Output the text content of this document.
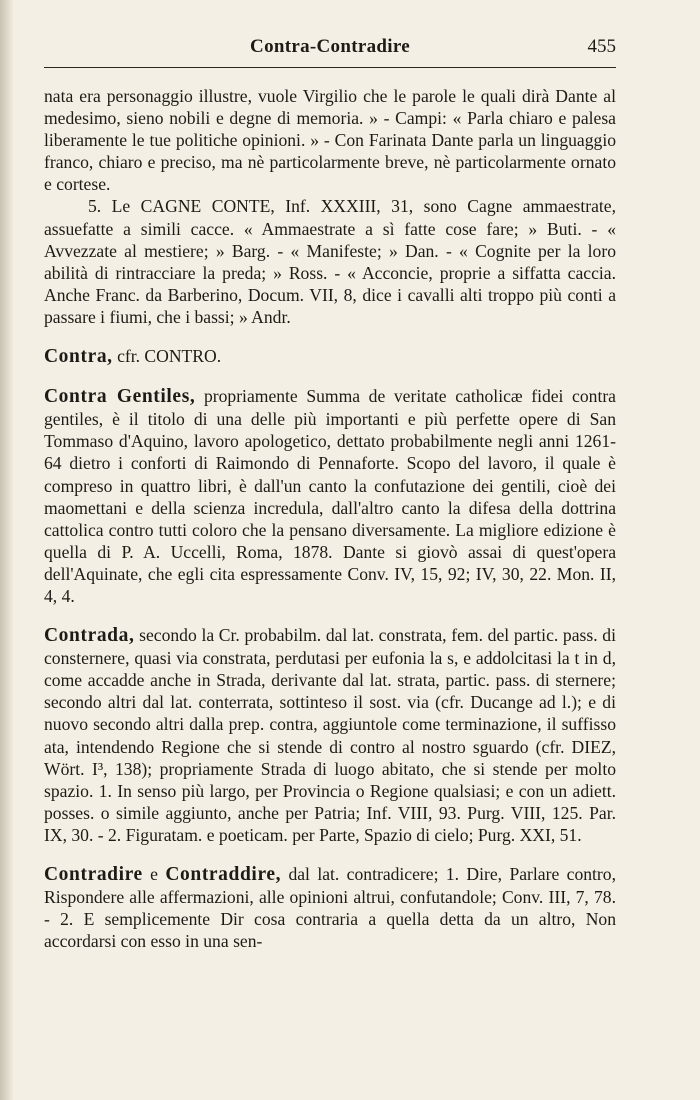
Contra-Contradire	455

nata era personaggio illustre, vuole Virgilio che le parole le quali dirà Dante al medesimo, sieno nobili e degne di memoria. » - Campi: « Parla chiaro e palesa liberamente le tue politiche opinioni. » - Con Farinata Dante parla un linguaggio franco, chiaro e preciso, ma nè particolarmente breve, nè particolarmente ornato e cortese.

5. Le CAGNE CONTE, Inf. XXXIII, 31, sono Cagne ammaestrate, assuefatte a simili cacce. « Ammaestrate a sì fatte cose fare; » Buti. - « Avvezzate al mestiere; » Barg. - « Manifeste; » Dan. - « Cognite per la loro abilità di rintracciare la preda; » Ross. - « Acconcie, proprie a siffatta caccia. Anche Franc. da Barberino, Docum. VII, 8, dice i cavalli alti troppo più conti a passare i fiumi, che i bassi; » Andr.

Contra, cfr. CONTRO.

Contra Gentiles, propriamente Summa de veritate catholicæ fidei contra gentiles, è il titolo di una delle più importanti e più perfette opere di San Tommaso d'Aquino, lavoro apologetico, dettato probabilmente negli anni 1261-64 dietro i conforti di Raimondo di Pennaforte. Scopo del lavoro, il quale è compreso in quattro libri, è dall'un canto la confutazione dei gentili, cioè dei maomettani e della scienza incredula, dall'altro canto la difesa della dottrina cattolica contro tutti coloro che la pensano diversamente. La migliore edizione è quella di P. A. Uccelli, Roma, 1878. Dante si giovò assai di quest'opera dell'Aquinate, che egli cita espressamente Conv. IV, 15, 92; IV, 30, 22. Mon. II, 4, 4.

Contrada, secondo la Cr. probabilm. dal lat. constrata, fem. del partic. pass. di consternere, quasi via constrata, perdutasi per eufonia la s, e addolcitasi la t in d, come accadde anche in Strada, derivante dal lat. strata, partic. pass. di sternere; secondo altri dal lat. conterrata, sottinteso il sost. via (cfr. Ducange ad l.); e di nuovo secondo altri dalla prep. contra, aggiuntole come terminazione, il suffisso ata, intendendo Regione che si stende di contro al nostro sguardo (cfr. DIEZ, Wört. I³, 138); propriamente Strada di luogo abitato, che si stende per molto spazio. 1. In senso più largo, per Provincia o Regione qualsiasi; e con un adiett. posses. o simile aggiunto, anche per Patria; Inf. VIII, 93. Purg. VIII, 125. Par. IX, 30. - 2. Figuratam. e poeticam. per Parte, Spazio di cielo; Purg. XXI, 51.

Contradire e Contraddire, dal lat. contradicere; 1. Dire, Parlare contro, Rispondere alle affermazioni, alle opinioni altrui, confutandole; Conv. III, 7, 78. - 2. E semplicemente Dir cosa contraria a quella detta da un altro, Non accordarsi con esso in una sen-
